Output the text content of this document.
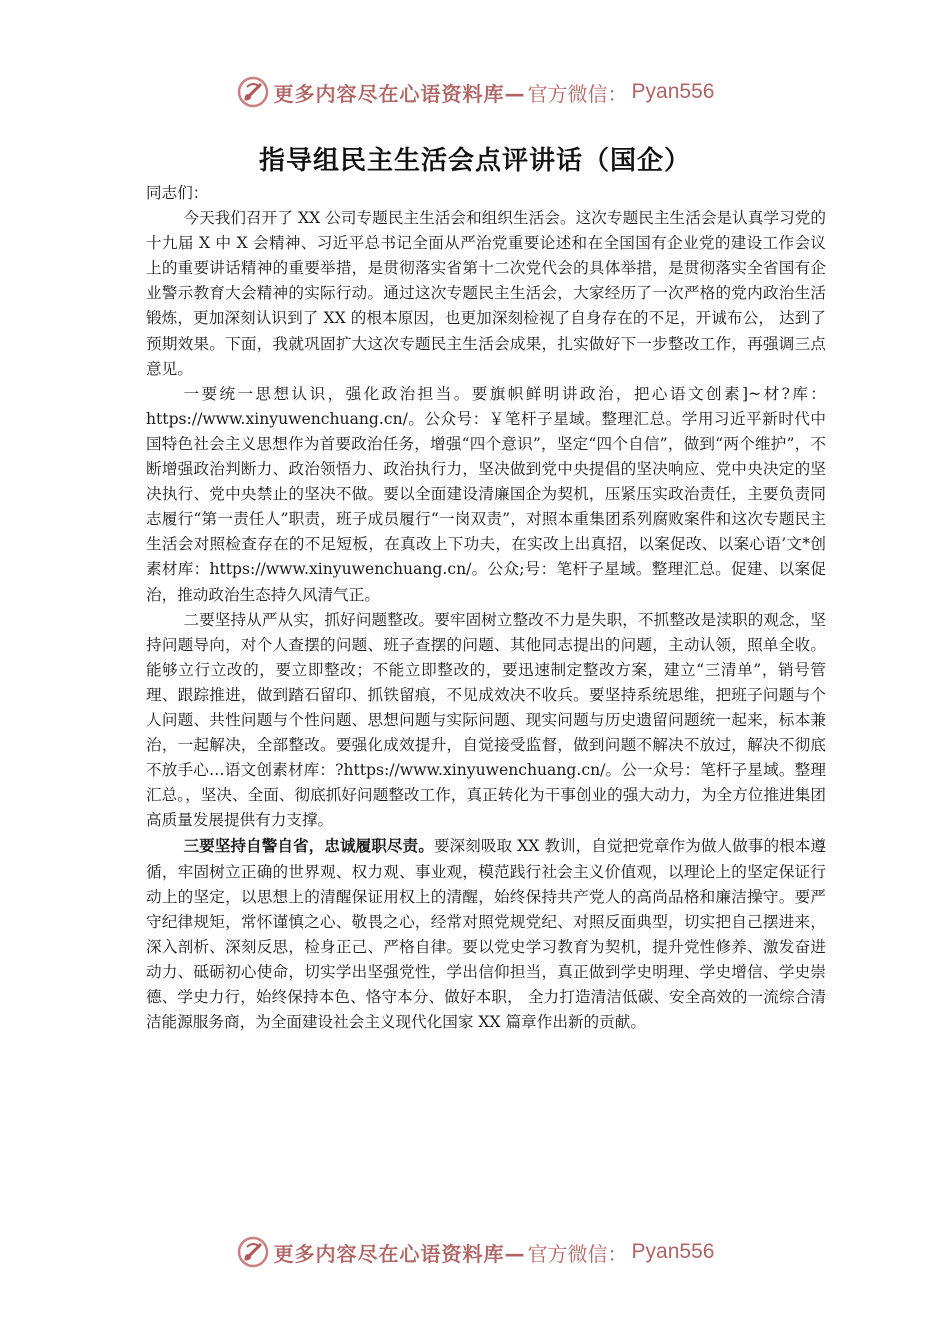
更多内容尽在心语资料库— 官方微信： Pyan556
指导组民主生活会点评讲话（国企）

同志们：

今天我们召开了 XX 公司专题民主生活会和组织生活会。这次专题民主生活会是认真学习党的十九届 X 中 X 会精神、习近平总书记全面从严治党重要论述和在全国国有企业党的建设工作会议上的重要讲话精神的重要举措，是贯彻落实省第十二次党代会的具体举措，是贯彻落实全省国有企业警示教育大会精神的实际行动。通过这次专题民主生活会，大家经历了一次严格的党内政治生活锻炼，更加深刻认识到了 XX 的根本原因，也更加深刻检视了自身存在的不足，开诚布公， 达到了预期效果。下面，我就巩固扩大这次专题民主生活会成果，扎实做好下一步整改工作，再强调三点意见。

一要统一思想认识，强化政治担当。要旗帜鲜明讲政治，把心语文创素]~材?库：https://www.xinyuwenchuang.cn/。公众号：￥笔杆子星域。整理汇总。学用习近平新时代中国特色社会主义思想作为首要政治任务，增强“四个意识”，坚定“四个自信”，做到“两个维护”，不断增强政治判断力、政治领悟力、政治执行力，坚决做到党中央提倡的坚决响应、党中央决定的坚决执行、党中央禁止的坚决不做。要以全面建设清廉国企为契机，压紧压实政治责任，主要负责同志履行“第一责任人”职责，班子成员履行“一岗双责”，对照本重集团系列腐败案件和这次专题民主生活会对照检查存在的不足短板，在真改上下功夫，在实改上出真招，以案促改、以案心语’文*创素材库：https://www.xinyuwenchuang.cn/。公众;号：笔杆子星域。整理汇总。促建、以案促治，推动政治生态持久风清气正。

二要坚持从严从实，抓好问题整改。要牢固树立整改不力是失职，不抓整改是渎职的观念，坚持问题导向，对个人查摆的问题、班子查摆的问题、其他同志提出的问题，主动认领，照单全收。能够立行立改的，要立即整改；不能立即整改的，要迅速制定整改方案，建立“三清单”，销号管理、跟踪推进，做到踏石留印、抓铁留痕，不见成效决不收兵。要坚持系统思维，把班子问题与个人问题、共性问题与个性问题、思想问题与实际问题、现实问题与历史遗留问题统一起来，标本兼治，一起解决，全部整改。要强化成效提升，自觉接受监督，做到问题不解决不放过，解决不彻底不放手心…语文创素材库：?https://www.xinyuwenchuang.cn/。公一众号：笔杆子星域。整理汇总。，坚决、全面、彻底抓好问题整改工作，真正转化为干事创业的强大动力，为全方位推进集团高质量发展提供有力支撑。

三要坚持自警自省，忠诚履职尽责。要深刻吸取 XX 教训，自觉把党章作为做人做事的根本遵循，牢固树立正确的世界观、权力观、事业观，模范践行社会主义价值观，以理论上的坚定保证行动上的坚定，以思想上的清醒保证用权上的清醒，始终保持共产党人的高尚品格和廉洁操守。要严守纪律规矩，常怀谨慎之心、敬畏之心，经常对照党规党纪、对照反面典型，切实把自己摆进来，深入剖析、深刻反思，检身正己、严格自律。要以党史学习教育为契机，提升党性修养、激发奋进动力、砥砺初心使命，切实学出坚强党性，学出信仰担当，真正做到学史明理、学史增信、学史崇德、学史力行，始终保持本色、恪守本分、做好本职， 全力打造清洁低碳、安全高效的一流综合清洁能源服务商，为全面建设社会主义现代化国家 XX 篇章作出新的贡献。

更多内容尽在心语资料库— 官方微信： Pyan556
